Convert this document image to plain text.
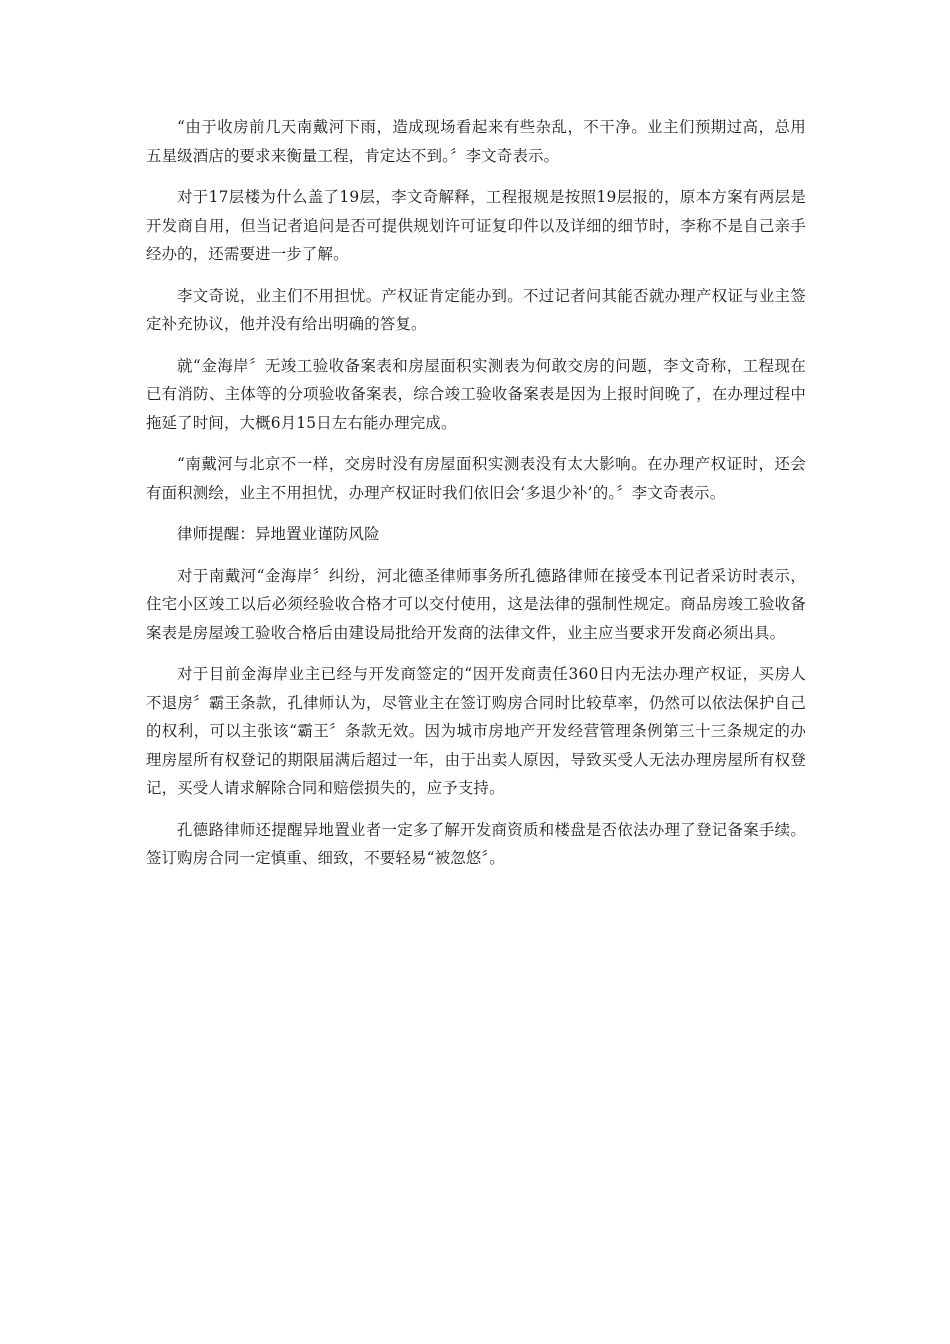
“由于收房前几天南戴河下雨，造成现场看起来有些杂乱，不干净。业主们预期过高，总用五星级酒店的要求来衡量工程，肯定达不到。〞李文奇表示。

对于17层楼为什么盖了19层，李文奇解释，工程报规是按照19层报的，原本方案有两层是开发商自用，但当记者追问是否可提供规划许可证复印件以及详细的细节时，李称不是自己亲手经办的，还需要进一步了解。

李文奇说，业主们不用担忧。产权证肯定能办到。不过记者问其能否就办理产权证与业主签定补充协议，他并没有给出明确的答复。

就“金海岸〞无竣工验收备案表和房屋面积实测表为何敢交房的问题，李文奇称，工程现在已有消防、主体等的分项验收备案表，综合竣工验收备案表是因为上报时间晚了，在办理过程中拖延了时间，大概6月15日左右能办理完成。

“南戴河与北京不一样，交房时没有房屋面积实测表没有太大影响。在办理产权证时，还会有面积测绘，业主不用担忧，办理产权证时我们依旧会‘多退少补’的。〞李文奇表示。

律师提醒：异地置业谨防风险

对于南戴河“金海岸〞纠纷，河北德圣律师事务所孔德路律师在接受本刊记者采访时表示，住宅小区竣工以后必须经验收合格才可以交付使用，这是法律的强制性规定。商品房竣工验收备案表是房屋竣工验收合格后由建设局批给开发商的法律文件，业主应当要求开发商必须出具。

对于目前金海岸业主已经与开发商签定的“因开发商责任360日内无法办理产权证，买房人不退房〞霸王条款，孔律师认为，尽管业主在签订购房合同时比较草率，仍然可以依法保护自己的权利，可以主张该“霸王〞条款无效。因为城市房地产开发经营管理条例第三十三条规定的办理房屋所有权登记的期限届满后超过一年，由于出卖人原因，导致买受人无法办理房屋所有权登记，买受人请求解除合同和赔偿损失的，应予支持。

孔德路律师还提醒异地置业者一定多了解开发商资质和楼盘是否依法办理了登记备案手续。签订购房合同一定慎重、细致，不要轻易“被忽悠〞。
